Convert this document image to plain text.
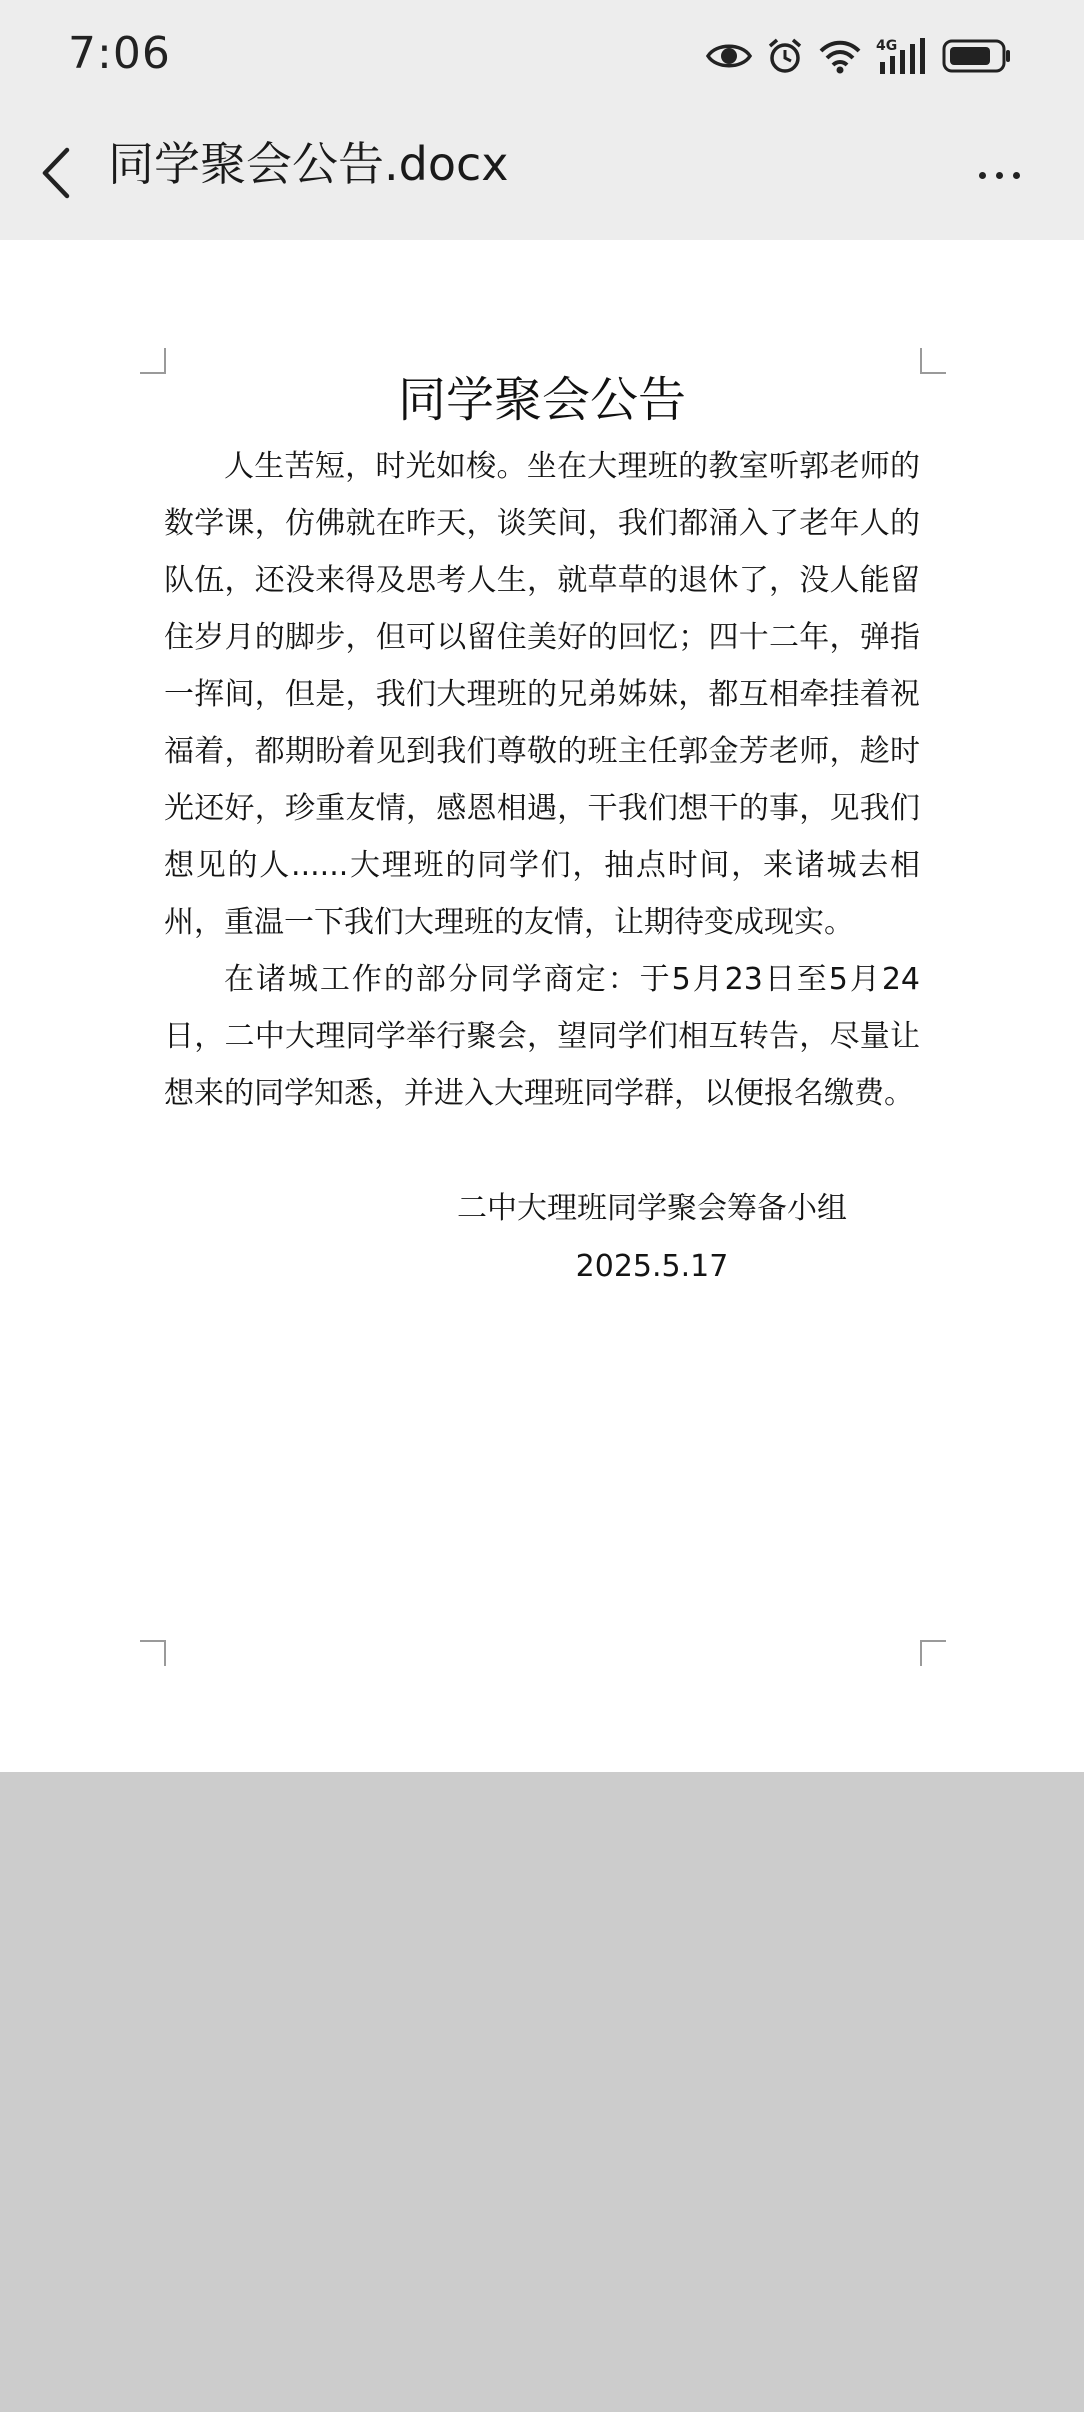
7:06	4G
同学聚会公告.docx
同学聚会公告

人生苦短，时光如梭。坐在大理班的教室听郭老师的数学课，仿佛就在昨天，谈笑间，我们都涌入了老年人的队伍，还没来得及思考人生，就草草的退休了，没人能留住岁月的脚步，但可以留住美好的回忆；四十二年，弹指一挥间，但是，我们大理班的兄弟姊妹，都互相牵挂着祝福着，都期盼着见到我们尊敬的班主任郭金芳老师，趁时光还好，珍重友情，感恩相遇，干我们想干的事，见我们想见的人......大理班的同学们，抽点时间，来诸城去相州，重温一下我们大理班的友情，让期待变成现实。

在诸城工作的部分同学商定：于5月23日至5月24日，二中大理同学举行聚会，望同学们相互转告，尽量让想来的同学知悉，并进入大理班同学群，以便报名缴费。

二中大理班同学聚会筹备小组
2025.5.17
